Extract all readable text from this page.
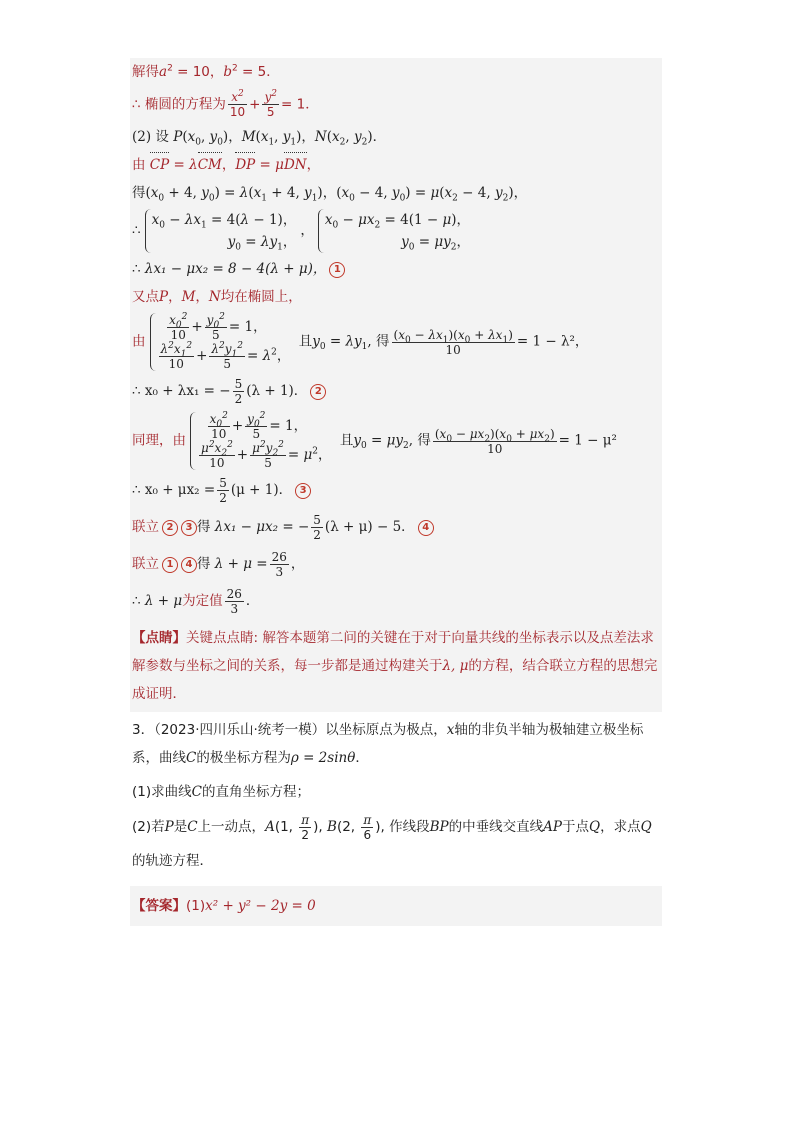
解得$a^2 = 10$，$b^2 = 5$．
∴ 椭圆的方程为 $\frac{x^2}{10} + \frac{y^2}{5} = 1$．
(2) 设 $P(x_0$, $y_0$)，$M(x_1$, $y_1$)，$N(x_2$, $y_2$)．
由 CP = λCM，DP = μDN，
得($x_0 + 4$, $y_0) = \lambda(x_1 + 4$, $y_1$)，($x_0 - 4$, $y_0) = \mu(x_2 - 4$, $y_2$)，
∴
$x_0 - \lambda x_1 = 4(\lambda - 1)$，
$y_0 = \lambda y_1$，
，
$x_0 - \mu x_2 = 4(1 - \mu)$，
$y_0 = \mu y_2$，
∴ λx₁ − μx₂ = 8 − 4(λ + μ)， 1
又点P，M，N均在椭圆上，
由
$\frac{x_0^2}{10} + \frac{y_0^2}{5} = 1$，
$\frac{\lambda^2x_1^2}{10} + \frac{\lambda^2y_1^2}{5} = \lambda^2$，
且$y_0 = \lambda y_1$, 得 $\frac{(x_0 - \lambda x_1)(x_0 + \lambda x_1)}{10} = 1 - \lambda^2$，
∴ x₀ + λx₁ = − $\frac{5}{2} (\lambda + 1)$． 2
同理，由
$\frac{x_0^2}{10} + \frac{y_0^2}{5} = 1$，
$\frac{\mu^2x_2^2}{10} + \frac{\mu^2y_2^2}{5} = \mu^2$，
且$y_0 = \mu y_2$, 得 $\frac{(x_0 - \mu x_2)(x_0 + \mu x_2)}{10} = 1 - \mu^2$
∴ $x_0 + \mu x_2 = \frac{5}{2} (\mu + 1)$． 3
联立 2 3 得 λx₁ − μx₂ = − $\frac{5}{2} (\lambda + \mu) - 5$． 4
联立 1 4 得 $\lambda + \mu = \frac{26}{3}$ ，
∴ λ + μ为定值 $\frac{26}{3}$ ．
【点睛】关键点点睛: 解答本题第二问的关键在于对于向量共线的坐标表示以及点差法求解参数与坐标之间的关系，每一步都是通过构建关于λ, μ的方程，结合联立方程的思想完成证明．
3．（2023·四川乐山·统考一模）以坐标原点为极点，x轴的非负半轴为极轴建立极坐标系，曲线C的极坐标方程为ρ = 2sinθ．
(1)求曲线C的直角坐标方程；
(2)若P是C上一动点，A(1, $\frac{\pi}{2}$ ), B(2, $\frac{\pi}{6}$ ), 作线段BP的中垂线交直线AP于点Q，求点Q的轨迹方程．
【答案】(1)x² + y² − 2y = 0
